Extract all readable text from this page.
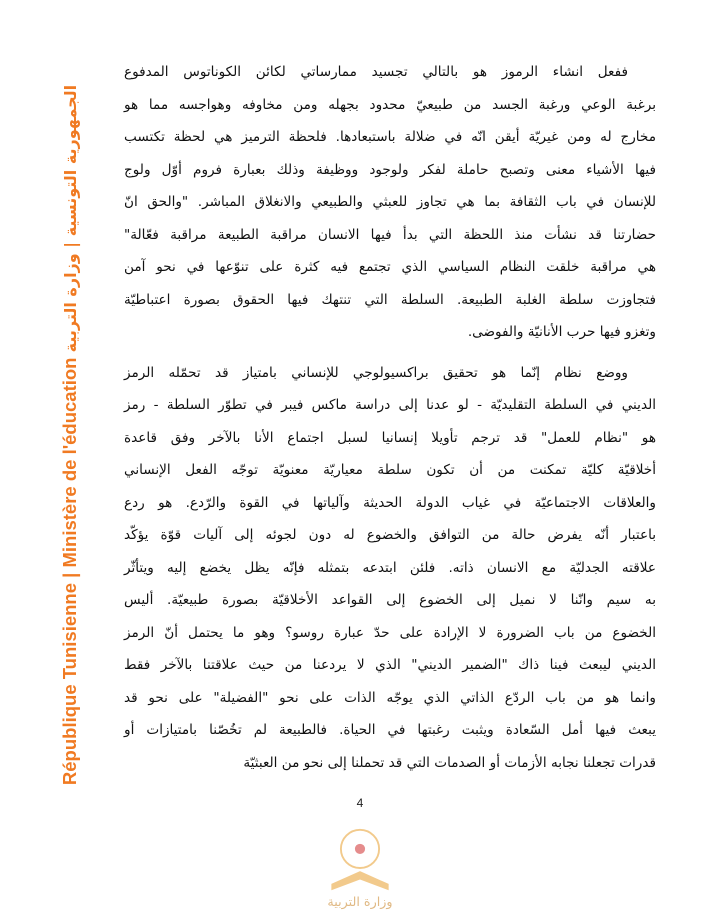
République Tunisienne | Ministère de l'éducation الجمهورية التونسية | وزارة التربية
وزارة التربية
ففعل انشاء الرموز هو بالتالي تجسيد ممارساتي لكائن الكوناتوس المدفوع
برغبة الوعي ورغبة الجسد من طبيعيّ محدود بجهله ومن مخاوفه وهواجسه مما هو
مخارج له ومن غيريّة أيقن انّه في ضلالة باستبعادها. فلحظة الترميز هي لحظة تكتسب
فيها الأشياء معنى وتصبح حاملة لفكر ولوجود ووظيفة وذلك بعبارة فروم أوّل ولوج
للإنسان في باب الثقافة بما هي تجاوز للعبثي والطبيعي والانغلاق المباشر. "والحق انّ
حضارتنا قد نشأت منذ اللحظة التي بدأ فيها الانسان مراقبة الطبيعة مراقبة فعّالة"
هي مراقبة خلقت النظام السياسي الذي تجتمع فيه كثرة على تنوّعها في نحو آمن
فتجاوزت سلطة الغلبة الطبيعة. السلطة التي تنتهك فيها الحقوق بصورة اعتباطيّة
وتغزو فيها حرب الأنانيّة والفوضى.
ووضع نظام إنّما هو تحقيق براكسيولوجي للإنساني بامتياز قد تحمّله الرمز
الديني في السلطة التقليديّة - لو عدنا إلى دراسة ماكس فيبر في تطوّر السلطة - رمز
هو "نظام للعمل" قد ترجم تأويلا إنسانيا لسبل اجتماع الأنا بالآخر وفق قاعدة
أخلاقيّة كليّة تمكنت من أن تكون سلطة معياريّة معنويّة توجّه الفعل الإنساني
والعلاقات الاجتماعيّة في غياب الدولة الحديثة وآلياتها في القوة والرّدع. هو ردع
باعتبار أنّه يفرض حالة من التوافق والخضوع له دون لجوئه إلى آليات قوّة يؤكّد
علاقته الجدليّة مع الانسان ذاته. فلئن ابتدعه بتمثله فإنّه يظل يخضع إليه ويتأثّر
به سيم وانّنا لا نميل إلى الخضوع إلى القواعد الأخلاقيّة بصورة طبيعيّة. أليس
الخضوع من باب الضرورة لا الإرادة على حدّ عبارة روسو؟ وهو ما يحتمل أنّ الرمز
الديني ليبعث فينا ذاك "الضمير الديني" الذي لا يردعنا من حيث علاقتنا بالآخر فقط
وانما هو من باب الردّع الذاتي الذي يوجّه الذات على نحو "الفضيلة" على نحو قد
يبعث فيها أمل السّعادة ويثبت رغبتها في الحياة. فالطبيعة لم تخُصّنا بامتيازات أو
قدرات تجعلنا نجابه الأزمات أو الصدمات التي قد تحملنا إلى نحو من العبثيّة
4
